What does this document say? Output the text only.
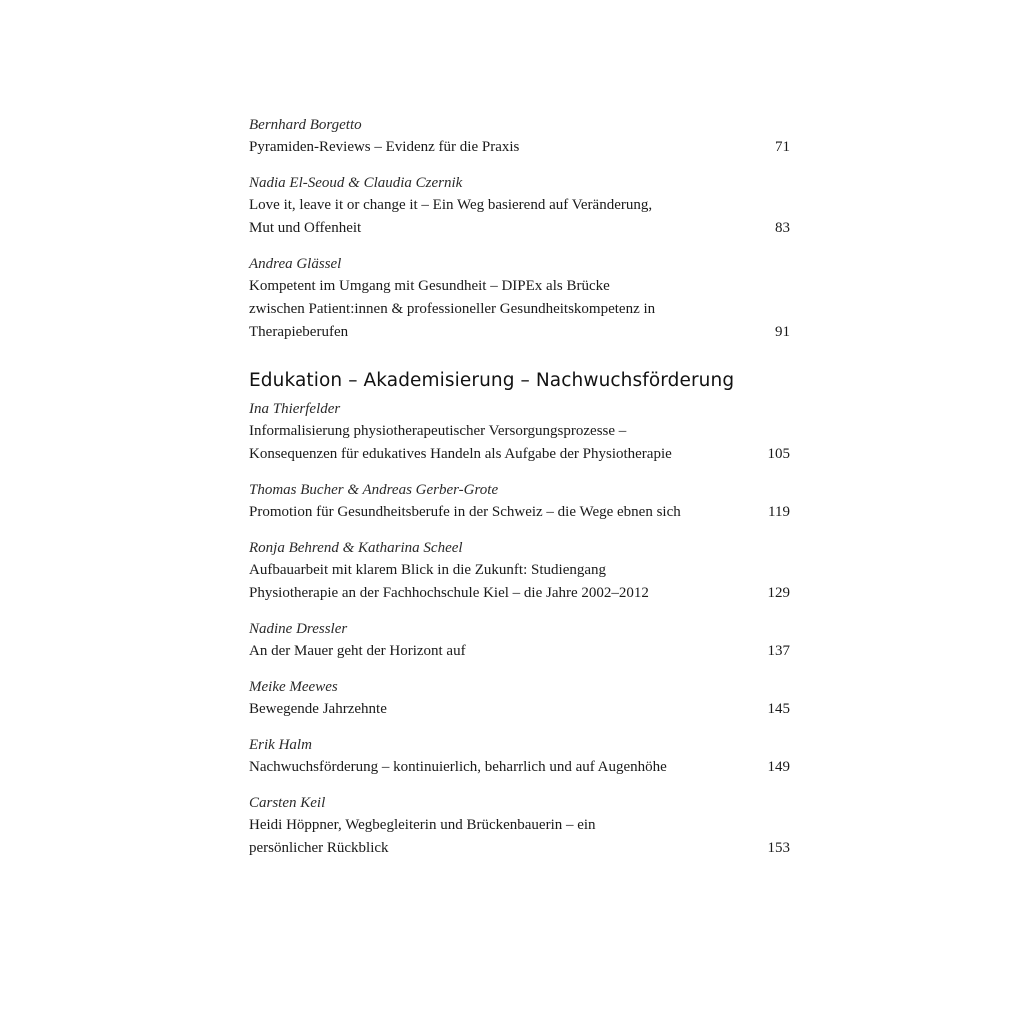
Bernhard Borgetto
Pyramiden-Reviews – Evidenz für die Praxis	71
Nadia El-Seoud & Claudia Czernik
Love it, leave it or change it – Ein Weg basierend auf Veränderung,
Mut und Offenheit	83
Andrea Glässel
Kompetent im Umgang mit Gesundheit – DIPEx als Brücke
zwischen Patient:innen & professioneller Gesundheitskompetenz in
Therapieberufen	91
Edukation – Akademisierung – Nachwuchsförderung
Ina Thierfelder
Informalisierung physiotherapeutischer Versorgungsprozesse –
Konsequenzen für edukatives Handeln als Aufgabe der Physiotherapie	105
Thomas Bucher & Andreas Gerber-Grote
Promotion für Gesundheitsberufe in der Schweiz – die Wege ebnen sich	119
Ronja Behrend & Katharina Scheel
Aufbauarbeit mit klarem Blick in die Zukunft: Studiengang
Physiotherapie an der Fachhochschule Kiel – die Jahre 2002–2012	129
Nadine Dressler
An der Mauer geht der Horizont auf	137
Meike Meewes
Bewegende Jahrzehnte	145
Erik Halm
Nachwuchsförderung – kontinuierlich, beharrlich und auf Augenhöhe	149
Carsten Keil
Heidi Höppner, Wegbegleiterin und Brückenbauerin – ein
persönlicher Rückblick	153
